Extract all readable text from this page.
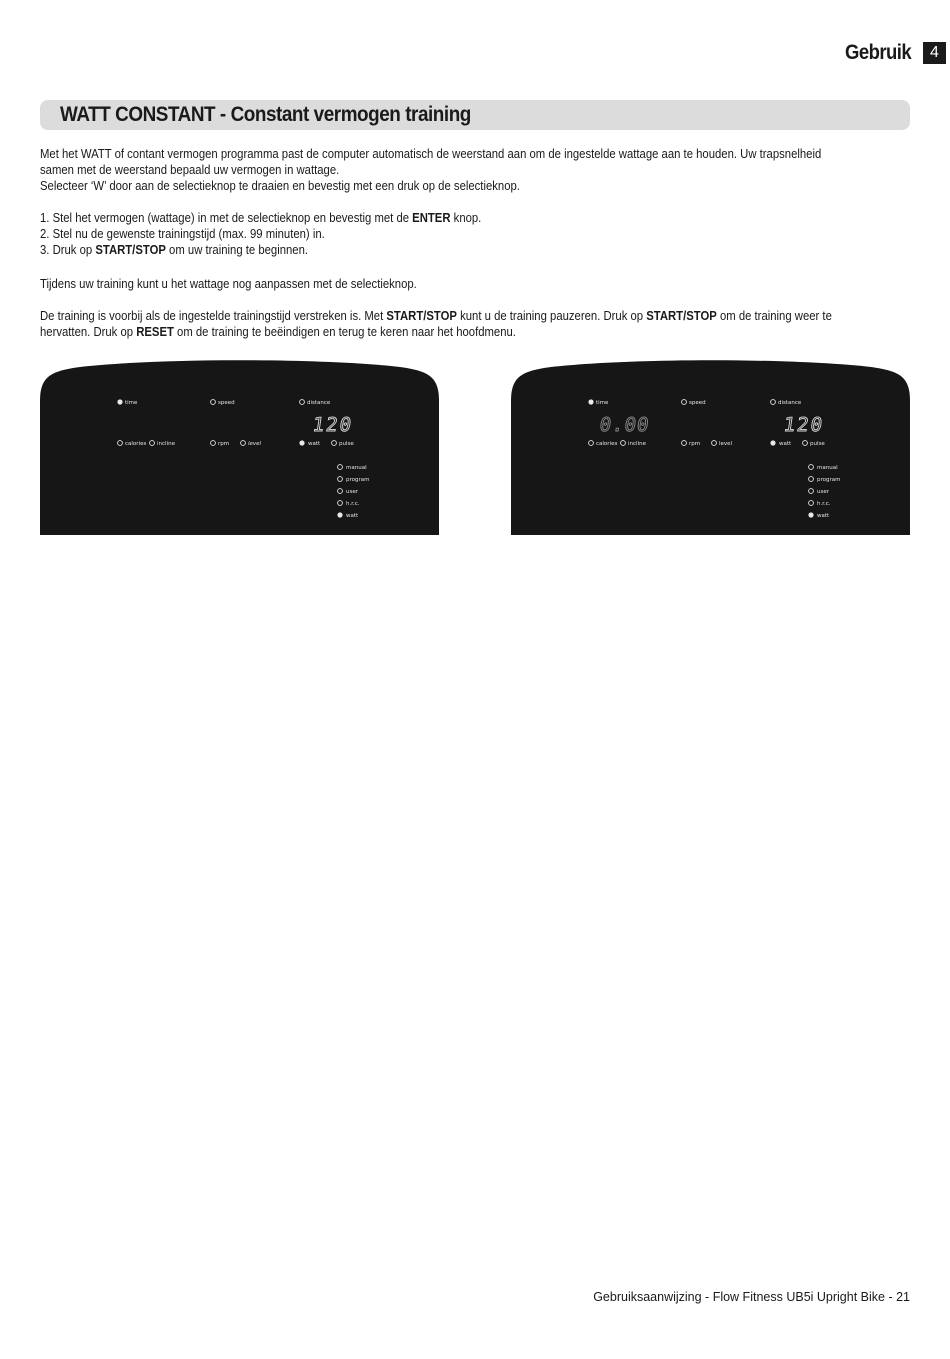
Gebruik	4
WATT CONSTANT - Constant vermogen training

Met het WATT of contant vermogen programma past de computer automatisch de weerstand aan om de ingestelde wattage aan te houden. Uw trapsnelheid

samen met de weerstand bepaald uw vermogen in wattage.

Selecteer ‘W’ door aan de selectieknop te draaien en bevestig met een druk op de selectieknop.

1. Stel het vermogen (wattage) in met de selectieknop en bevestig met de ENTER knop.

2. Stel nu de gewenste trainingstijd (max. 99 minuten) in.

3. Druk op START/STOP om uw training te beginnen.

Tijdens uw training kunt u het wattage nog aanpassen met de selectieknop.

De training is voorbij als de ingestelde trainingstijd verstreken is. Met START/STOP kunt u de training pauzeren. Druk op START/STOP om de training weer te

hervatten. Druk op RESET om de training te beëindigen en terug te keren naar het hoofdmenu.

time	speed	distance
120
calories incline	rpm	level	watt	pulse
manual
program
user
h.r.c.
watt
time	speed	distance
0.00	120
calories incline	rpm	level	watt	pulse
manual
program
user
h.r.c.
watt
Gebruiksaanwijzing - Flow Fitness UB5i Upright Bike - 21
